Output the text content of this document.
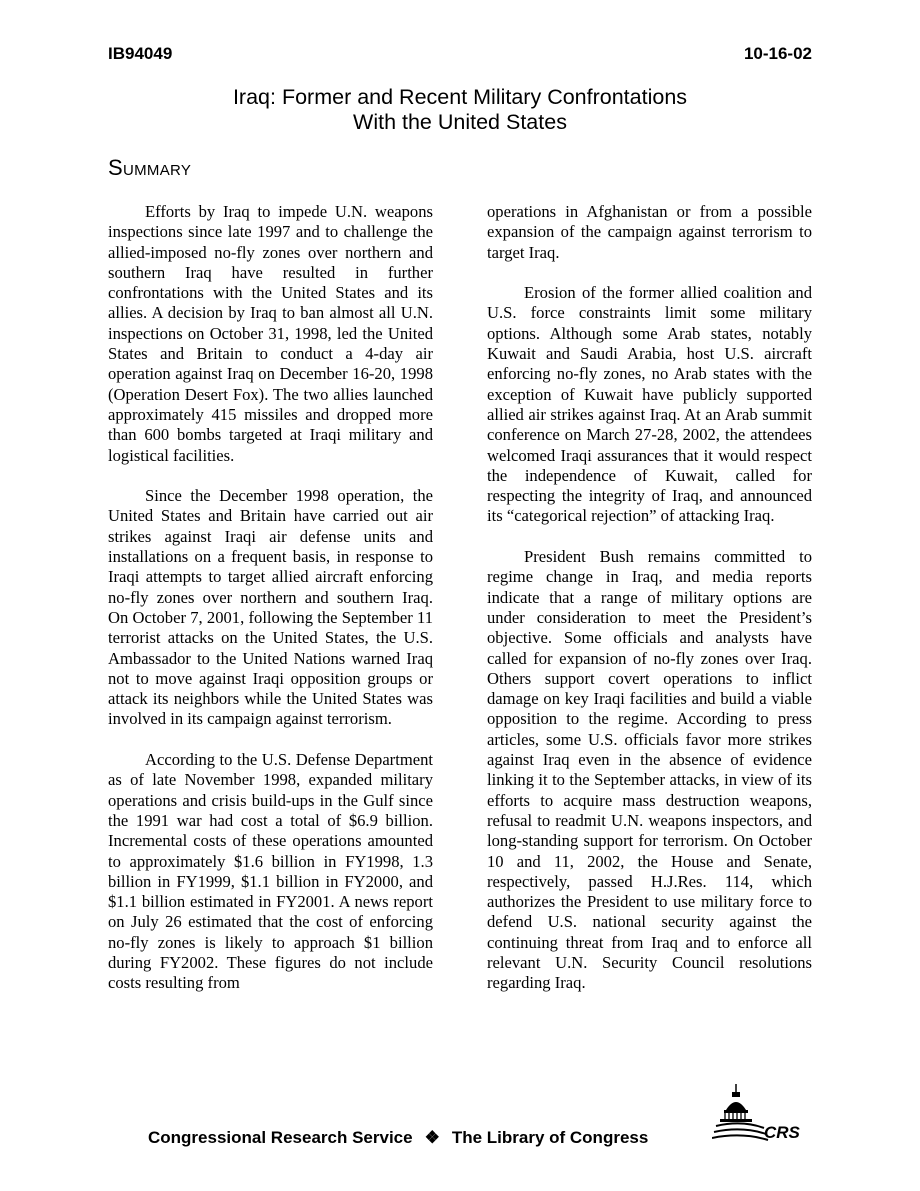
IB94049	10-16-02
Iraq: Former and Recent Military Confrontations
With the United States
Summary

Efforts by Iraq to impede U.N. weapons inspections since late 1997 and to challenge the allied-imposed no-fly zones over northern and southern Iraq have resulted in further confrontations with the United States and its allies. A decision by Iraq to ban almost all U.N. inspections on October 31, 1998, led the United States and Britain to conduct a 4-day air operation against Iraq on December 16-20, 1998 (Operation Desert Fox). The two allies launched approximately 415 missiles and dropped more than 600 bombs targeted at Iraqi military and logistical facilities.

Since the December 1998 operation, the United States and Britain have carried out air strikes against Iraqi air defense units and installations on a frequent basis, in response to Iraqi attempts to target allied aircraft enforcing no-fly zones over northern and southern Iraq. On October 7, 2001, following the September 11 terrorist attacks on the United States, the U.S. Ambassador to the United Nations warned Iraq not to move against Iraqi opposition groups or attack its neighbors while the United States was involved in its campaign against terrorism.

According to the U.S. Defense Department as of late November 1998, expanded military operations and crisis build-ups in the Gulf since the 1991 war had cost a total of $6.9 billion. Incremental costs of these operations amounted to approximately $1.6 billion in FY1998, 1.3 billion in FY1999, $1.1 billion in FY2000, and $1.1 billion estimated in FY2001. A news report on July 26 estimated that the cost of enforcing no-fly zones is likely to approach $1 billion during FY2002. These figures do not include costs resulting from

operations in Afghanistan or from a possible expansion of the campaign against terrorism to target Iraq.

Erosion of the former allied coalition and U.S. force constraints limit some military options. Although some Arab states, notably Kuwait and Saudi Arabia, host U.S. aircraft enforcing no-fly zones, no Arab states with the exception of Kuwait have publicly supported allied air strikes against Iraq. At an Arab summit conference on March 27-28, 2002, the attendees welcomed Iraqi assurances that it would respect the independence of Kuwait, called for respecting the integrity of Iraq, and announced its “categorical rejection” of attacking Iraq.

President Bush remains committed to regime change in Iraq, and media reports indicate that a range of military options are under consideration to meet the President’s objective. Some officials and analysts have called for expansion of no-fly zones over Iraq. Others support covert operations to inflict damage on key Iraqi facilities and build a viable opposition to the regime. According to press articles, some U.S. officials favor more strikes against Iraq even in the absence of evidence linking it to the September attacks, in view of its efforts to acquire mass destruction weapons, refusal to readmit U.N. weapons inspectors, and long-standing support for terrorism. On October 10 and 11, 2002, the House and Senate, respectively, passed H.J.Res. 114, which authorizes the President to use military force to defend U.S. national security against the continuing threat from Iraq and to enforce all relevant U.N. Security Council resolutions regarding Iraq.

Congressional Research Service ❖ The Library of Congress	CRS
